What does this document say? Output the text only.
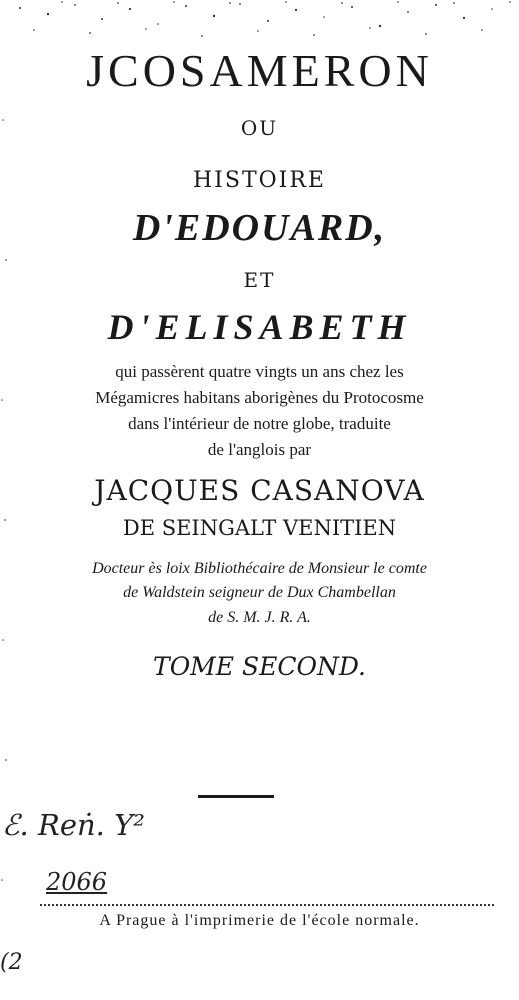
JCOSAMERON
OU
HISTOIRE
D'EDOUARD,
ET
D'ELISABETH
qui passèrent quatre vingts un ans chez les
Mégamicres habitans aborigènes du Protocosme
dans l'intérieur de notre globe, traduite
de l'anglois par
JACQUES CASANOVA
DE SEINGALT VENITIEN
Docteur ès loix Bibliothécaire de Monsieur le comte
de Waldstein seigneur de Dux Chambellan
de S. M. J. R. A.
TOME SECOND.
ℰ. Reṅ. Y²
2066
A Prague à l'imprimerie de l'école normale.
(2
